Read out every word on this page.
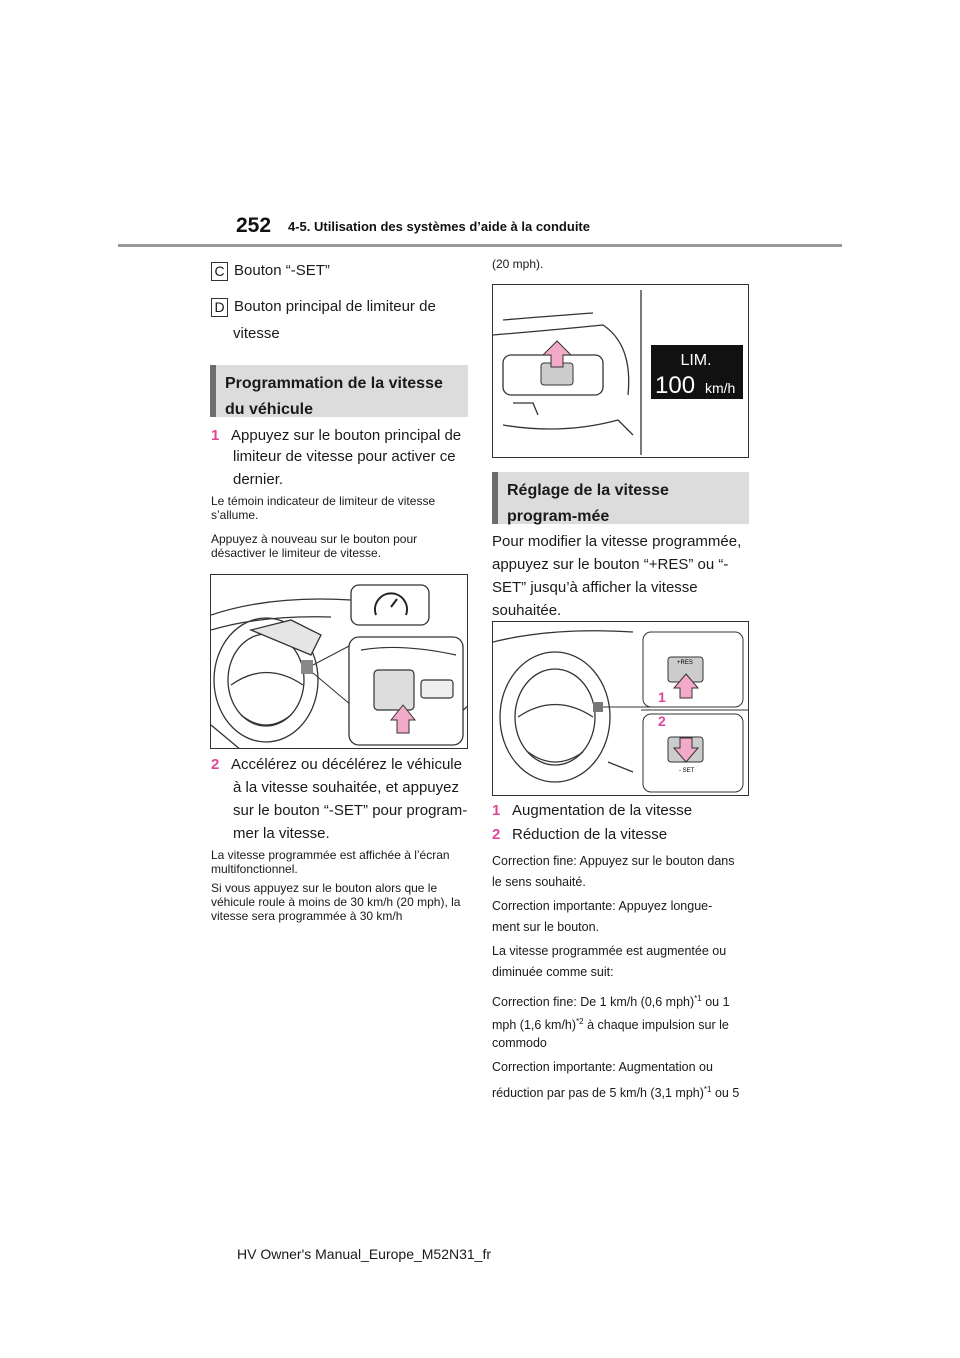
252 4-5. Utilisation des systèmes d’aide à la conduite
C Bouton “-SET”
D Bouton principal de limiteur de
vitesse
Programmation de la vitesse du véhicule
1 Appuyez sur le bouton principal de
limiteur de vitesse pour activer ce
dernier.
Le témoin indicateur de limiteur de vitesse s’allume.
Appuyez à nouveau sur le bouton pour désactiver le limiteur de vitesse.
2 Accélérez ou décélérez le véhicule
à la vitesse souhaitée, et appuyez
sur le bouton “-SET” pour program-
mer la vitesse.
La vitesse programmée est affichée à l’écran multifonctionnel.
Si vous appuyez sur le bouton alors que le véhicule roule à moins de 30 km/h (20 mph), la vitesse sera programmée à 30 km/h
(20 mph).
LIM.
100 km/h
Réglage de la vitesse program-mée
Pour modifier la vitesse programmée, appuyez sur le bouton “+RES” ou “-SET” jusqu’à afficher la vitesse souhaitée.
+RES
- SET
1
2
1 Augmentation de la vitesse
2 Réduction de la vitesse
Correction fine: Appuyez sur le bouton dans
le sens souhaité.
Correction importante: Appuyez longue-
ment sur le bouton.
La vitesse programmée est augmentée ou
diminuée comme suit:
Correction fine: De 1 km/h (0,6 mph)$^{*1}$ ou 1
mph (1,6 km/h)$^{*2}$ à chaque impulsion sur le
commodo
Correction importante: Augmentation ou
réduction par pas de 5 km/h (3,1 mph)$^{*1}$ ou 5
HV Owner's Manual_Europe_M52N31_fr
